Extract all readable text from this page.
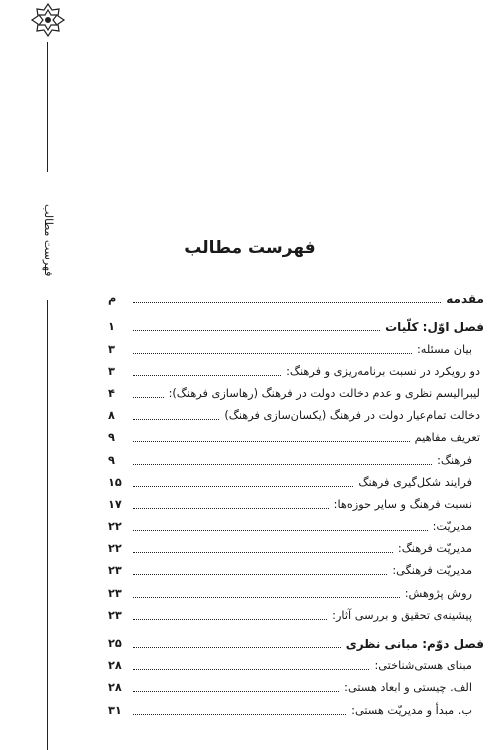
فهرست مطالب	فهرست مطالب
مقدمه
م
فصل اوّل: کلّیات
۱
بیان مسئله:
۳
دو رویکرد در نسبت برنامه‌ریزی و فرهنگ:
۳
لیبرالیسم نظری و عدم دخالت دولت در فرهنگ (رهاسازی فرهنگ):
۴
دخالت تمام‌عیار دولت در فرهنگ (یکسان‌سازی فرهنگ)
۸
تعریف مفاهیم
۹
فرهنگ:
۹
فرایند شکل‌گیری فرهنگ
۱۵
نسبت فرهنگ و سایر حوزه‌ها:
۱۷
مدیریّت:
۲۲
مدیریّت فرهنگ:
۲۲
مدیریّت فرهنگی:
۲۳
روش پژوهش:
۲۳
پیشینه‌ی تحقیق و بررسی آثار:
۲۳
فصل دوّم: مبانی نظری
۲۵
مبنای هستی‌شناختی:
۲۸
الف. چیستی و ابعاد هستی:
۲۸
ب. مبدأ و مدیریّت هستی:
۳۱
